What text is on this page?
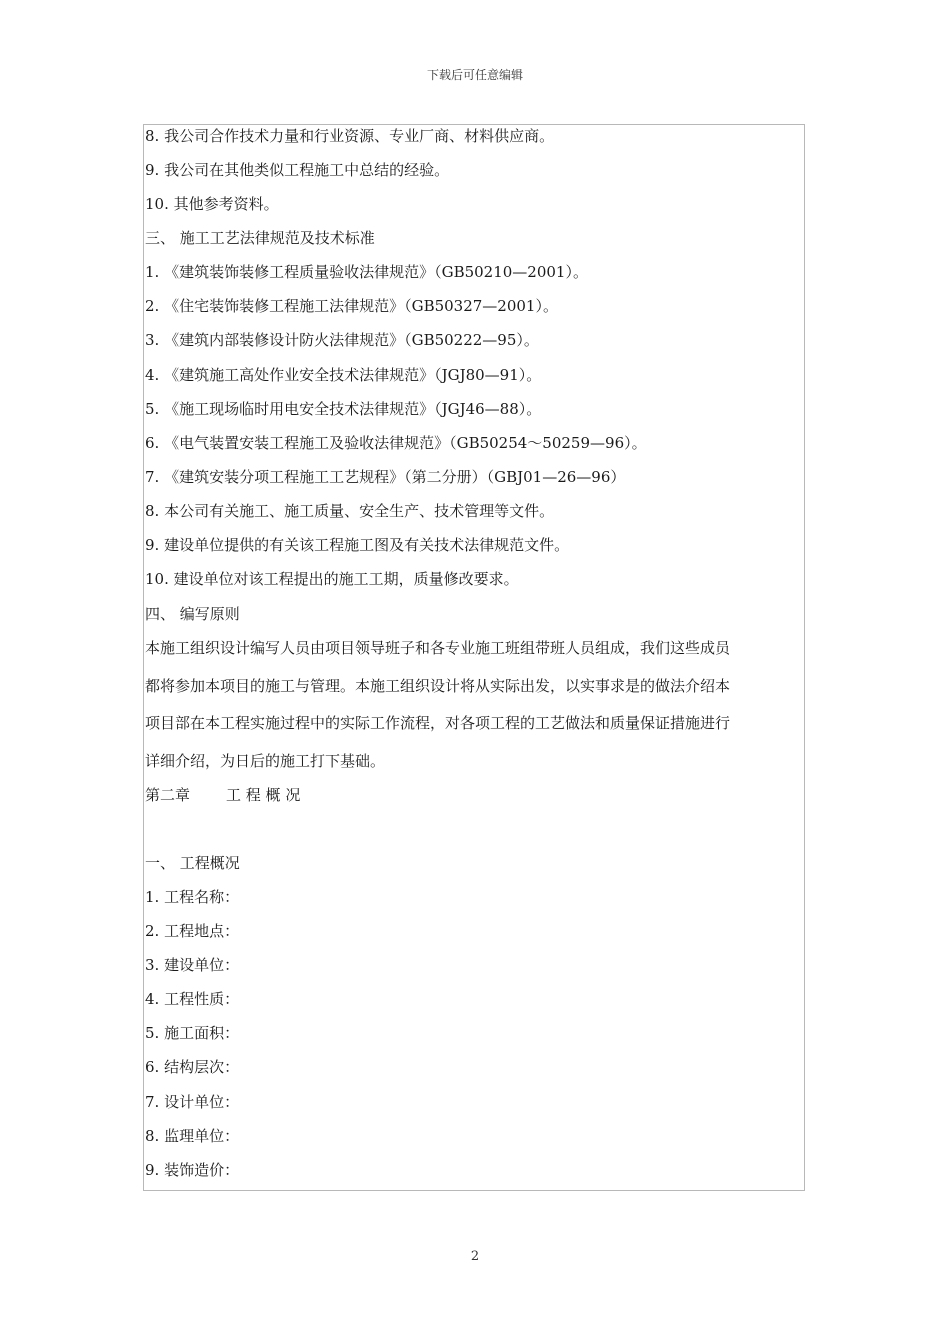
下载后可任意编辑
8. 我公司合作技术力量和行业资源、专业厂商、材料供应商。
9. 我公司在其他类似工程施工中总结的经验。
10. 其他参考资料。
三、 施工工艺法律规范及技术标准
1. 《建筑装饰装修工程质量验收法律规范》（GB50210—2001）。
2. 《住宅装饰装修工程施工法律规范》（GB50327—2001）。
3. 《建筑内部装修设计防火法律规范》（GB50222—95）。
4. 《建筑施工高处作业安全技术法律规范》（JGJ80—91）。
5. 《施工现场临时用电安全技术法律规范》（JGJ46—88）。
6. 《电气装置安装工程施工及验收法律规范》（GB50254～50259—96）。
7. 《建筑安装分项工程施工工艺规程》（第二分册）（GBJ01—26—96）
8. 本公司有关施工、施工质量、安全生产、技术管理等文件。
9. 建设单位提供的有关该工程施工图及有关技术法律规范文件。
10. 建设单位对该工程提出的施工工期，质量修改要求。
四、 编写原则
本施工组织设计编写人员由项目领导班子和各专业施工班组带班人员组成，我们这些成员
都将参加本项目的施工与管理。本施工组织设计将从实际出发，以实事求是的做法介绍本
项目部在本工程实施过程中的实际工作流程，对各项工程的工艺做法和质量保证措施进行
详细介绍，为日后的施工打下基础。
第二章 工 程 概 况
一、 工程概况
1. 工程名称：
2. 工程地点：
3. 建设单位：
4. 工程性质：
5. 施工面积：
6. 结构层次：
7. 设计单位：
8. 监理单位：
9. 装饰造价：
2
